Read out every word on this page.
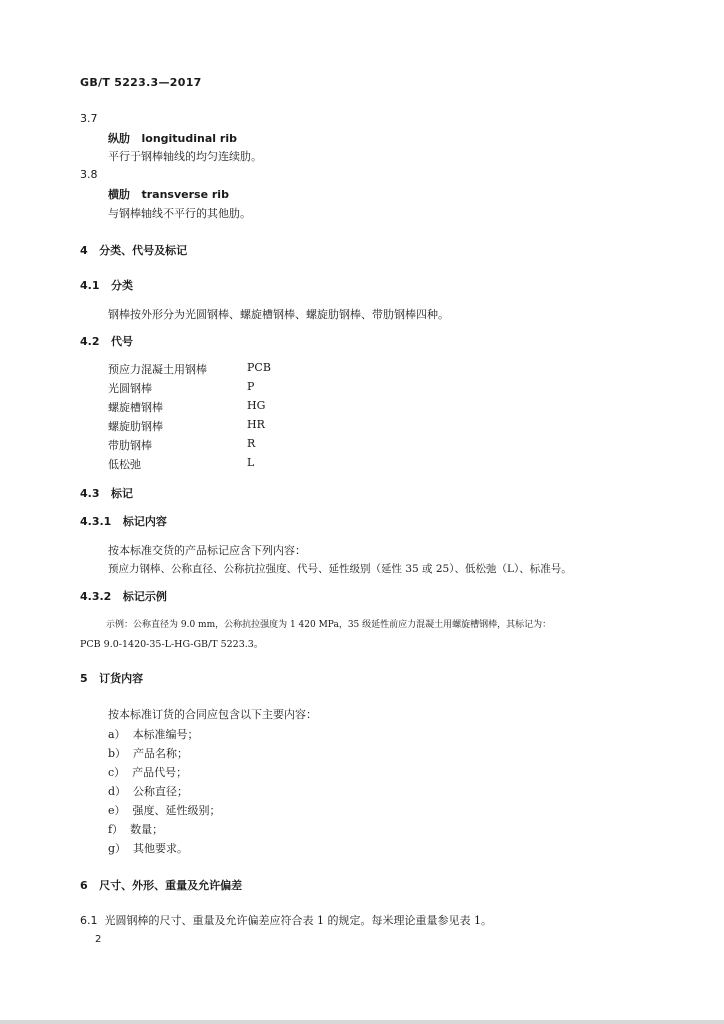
GB/T 5223.3—2017
3.7
纵肋 longitudinal rib
平行于钢棒轴线的均匀连续肋。
3.8
横肋 transverse rib
与钢棒轴线不平行的其他肋。
4 分类、代号及标记
4.1 分类
钢棒按外形分为光圆钢棒、螺旋槽钢棒、螺旋肋钢棒、带肋钢棒四种。
4.2 代号
预应力混凝土用钢棒	PCB
光圆钢棒	P
螺旋槽钢棒	HG
螺旋肋钢棒	HR
带肋钢棒	R
低松弛	L
4.3 标记
4.3.1 标记内容
按本标准交货的产品标记应含下列内容：
预应力钢棒、公称直径、公称抗拉强度、代号、延性级别（延性 35 或 25）、低松弛（L）、标准号。
4.3.2 标记示例
示例：公称直径为 9.0 mm，公称抗拉强度为 1 420 MPa，35 级延性前应力混凝土用螺旋槽钢棒，其标记为：
PCB 9.0-1420-35-L-HG-GB/T 5223.3。
5 订货内容
按本标准订货的合同应包含以下主要内容：
a） 本标准编号；
b） 产品名称；
c） 产品代号；
d） 公称直径；
e） 强度、延性级别；
f） 数量；
g） 其他要求。
6 尺寸、外形、重量及允许偏差
6.1 光圆钢棒的尺寸、重量及允许偏差应符合表 1 的规定。每米理论重量参见表 1。
2
